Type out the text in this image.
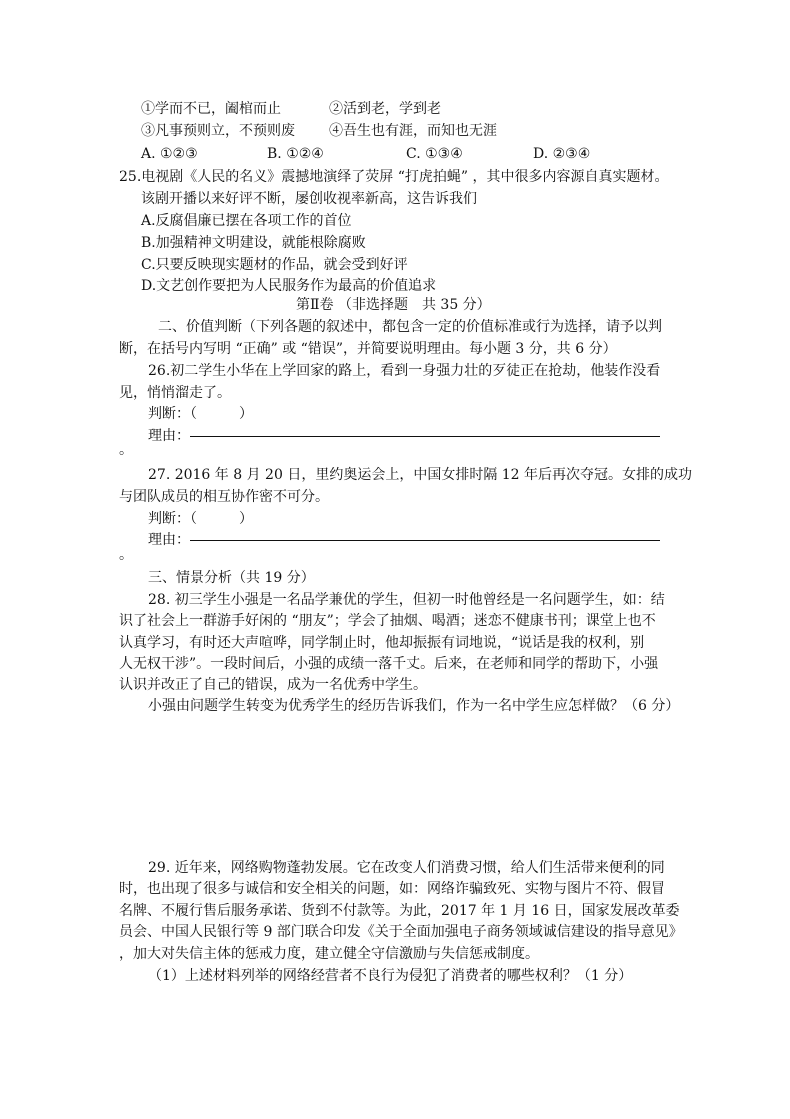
①学而不已，阖棺而止	②活到老，学到老
③凡事预则立，不预则废 ④吾生也有涯，而知也无涯
A. ①②③	B. ①②④	C. ①③④	D. ②③④
25.电视剧《人民的名义》震撼地演绎了荧屏 “打虎拍蝇” ，其中很多内容源自真实题材。
该剧开播以来好评不断，屡创收视率新高，这告诉我们
A.反腐倡廉已摆在各项工作的首位
B.加强精神文明建设，就能根除腐败
C.只要反映现实题材的作品，就会受到好评
D.文艺创作要把为人民服务作为最高的价值追求
第Ⅱ卷 （非选择题　共 35 分）
二、价值判断（下列各题的叙述中，都包含一定的价值标准或行为选择，请予以判
断，在括号内写明 “正确” 或 “错误”，并简要说明理由。每小题 3 分，共 6 分）
26.初二学生小华在上学回家的路上，看到一身强力壮的歹徒正在抢劫，他装作没看
见，悄悄溜走了。
判断：（　　　）
理由：
。
27. 2016 年 8 月 20 日，里约奥运会上，中国女排时隔 12 年后再次夺冠。女排的成功
与团队成员的相互协作密不可分。
判断：（　　　）
理由：
。
三、情景分析（共 19 分）
28. 初三学生小强是一名品学兼优的学生，但初一时他曾经是一名问题学生，如：结
识了社会上一群游手好闲的 “朋友”；学会了抽烟、喝酒；迷恋不健康书刊；课堂上也不
认真学习，有时还大声喧哗，同学制止时，他却振振有词地说，“说话是我的权利，别
人无权干涉”。一段时间后，小强的成绩一落千丈。后来，在老师和同学的帮助下，小强
认识并改正了自己的错误，成为一名优秀中学生。
小强由问题学生转变为优秀学生的经历告诉我们，作为一名中学生应怎样做？（6 分）
29. 近年来，网络购物蓬勃发展。它在改变人们消费习惯，给人们生活带来便利的同
时，也出现了很多与诚信和安全相关的问题，如：网络诈骗致死、实物与图片不符、假冒
名牌、不履行售后服务承诺、货到不付款等。为此，2017 年 1 月 16 日，国家发展改革委
员会、中国人民银行等 9 部门联合印发《关于全面加强电子商务领域诚信建设的指导意见》
，加大对失信主体的惩戒力度，建立健全守信激励与失信惩戒制度。
（1）上述材料列举的网络经营者不良行为侵犯了消费者的哪些权利？（1 分）
